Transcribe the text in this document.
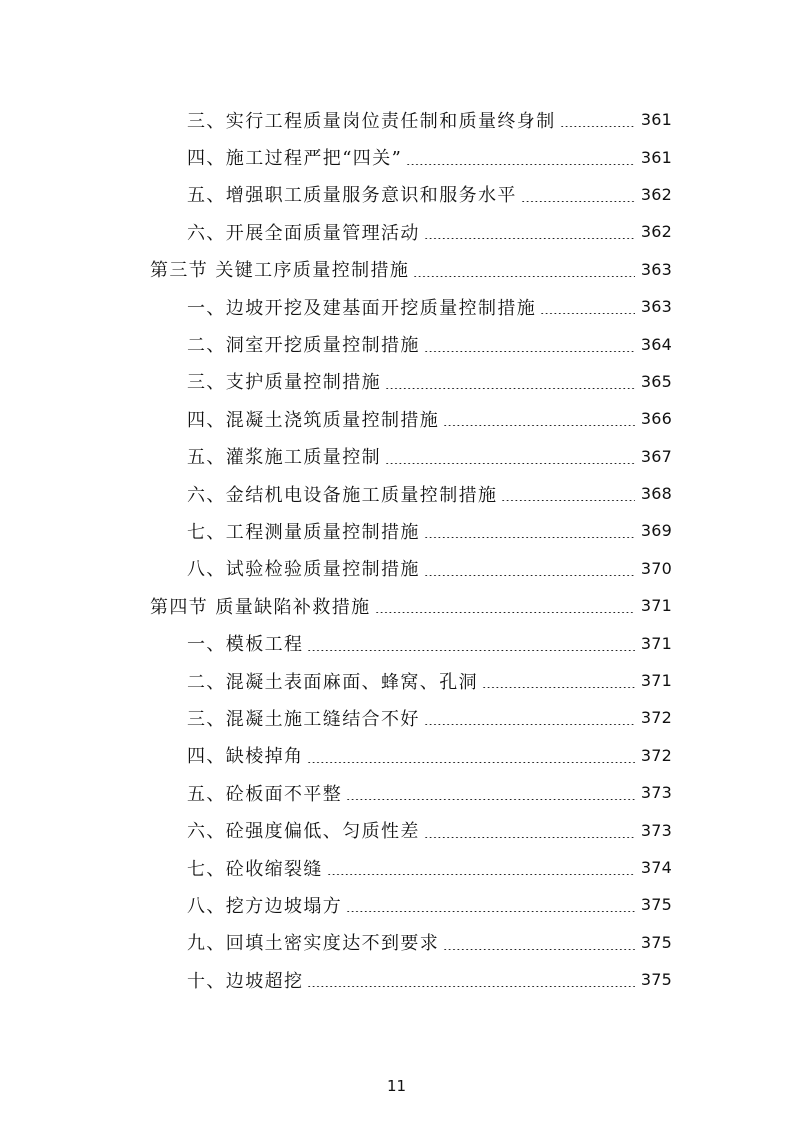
三、实行工程质量岗位责任制和质量终身制	361
四、施工过程严把“四关”	361
五、增强职工质量服务意识和服务水平	362
六、开展全面质量管理活动	362
第三节 关键工序质量控制措施	363
一、边坡开挖及建基面开挖质量控制措施	363
二、洞室开挖质量控制措施	364
三、支护质量控制措施	365
四、混凝土浇筑质量控制措施	366
五、灌浆施工质量控制	367
六、金结机电设备施工质量控制措施	368
七、工程测量质量控制措施	369
八、试验检验质量控制措施	370
第四节 质量缺陷补救措施	371
一、模板工程	371
二、混凝土表面麻面、蜂窝、孔洞	371
三、混凝土施工缝结合不好	372
四、缺棱掉角	372
五、砼板面不平整	373
六、砼强度偏低、匀质性差	373
七、砼收缩裂缝	374
八、挖方边坡塌方	375
九、回填土密实度达不到要求	375
十、边坡超挖	375
11
